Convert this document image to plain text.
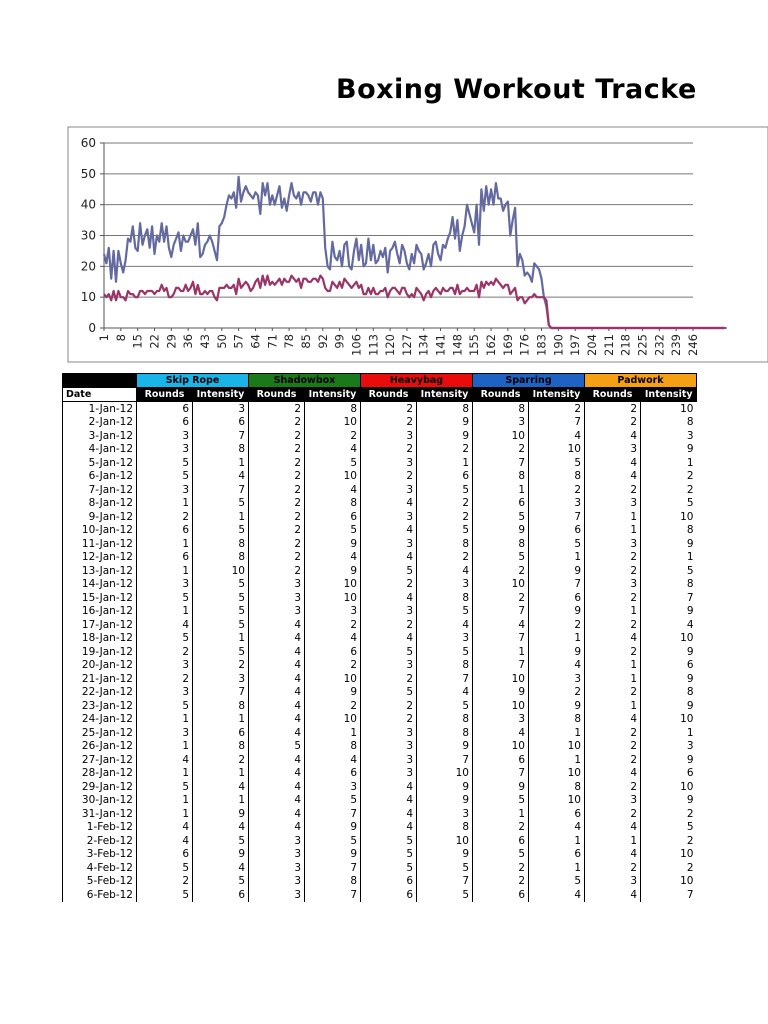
Boxing Workout Tracke
0
10
20
30
40
50
60
1 8 15 22 29 36 43 50 57 64 71 78 85 92 99 106 113 120 127 134 141 148 155 162 169 176 183 190 197 204 211 218 225 232 239 246
	Skip Rope		Shadowbox		Heavybag		Sparring		Padwork	
Date	Rounds	Intensity	Rounds	Intensity	Rounds	Intensity	Rounds	Intensity	Rounds	Intensity
1-Jan-12	6	3	2	8	2	8	8	2	2	10
2-Jan-12	6	6	2	10	2	9	3	7	2	8
3-Jan-12	3	7	2	2	3	9	10	4	4	3
4-Jan-12	3	8	2	4	2	2	2	10	3	9
5-Jan-12	5	1	2	5	3	1	7	5	4	1
6-Jan-12	5	4	2	10	2	6	8	8	4	2
7-Jan-12	3	7	2	4	3	5	1	2	2	2
8-Jan-12	1	5	2	8	4	2	6	3	3	5
9-Jan-12	2	1	2	6	3	2	5	7	1	10
10-Jan-12	6	5	2	5	4	5	9	6	1	8
11-Jan-12	1	8	2	9	3	8	8	5	3	9
12-Jan-12	6	8	2	4	4	2	5	1	2	1
13-Jan-12	1	10	2	9	5	4	2	9	2	5
14-Jan-12	3	5	3	10	2	3	10	7	3	8
15-Jan-12	5	5	3	10	4	8	2	6	2	7
16-Jan-12	1	5	3	3	3	5	7	9	1	9
17-Jan-12	4	5	4	2	2	4	4	2	2	4
18-Jan-12	5	1	4	4	4	3	7	1	4	10
19-Jan-12	2	5	4	6	5	5	1	9	2	9
20-Jan-12	3	2	4	2	3	8	7	4	1	6
21-Jan-12	2	3	4	10	2	7	10	3	1	9
22-Jan-12	3	7	4	9	5	4	9	2	2	8
23-Jan-12	5	8	4	2	2	5	10	9	1	9
24-Jan-12	1	1	4	10	2	8	3	8	4	10
25-Jan-12	3	6	4	1	3	8	4	1	2	1
26-Jan-12	1	8	5	8	3	9	10	10	2	3
27-Jan-12	4	2	4	4	3	7	6	1	2	9
28-Jan-12	1	1	4	6	3	10	7	10	4	6
29-Jan-12	5	4	4	3	4	9	9	8	2	10
30-Jan-12	1	1	4	5	4	9	5	10	3	9
31-Jan-12	1	9	4	7	4	3	1	6	2	2
1-Feb-12	4	4	4	9	4	8	2	4	4	5
2-Feb-12	4	5	3	5	5	10	6	1	1	2
3-Feb-12	6	9	3	9	5	9	5	6	4	10
4-Feb-12	5	4	3	7	5	5	2	1	2	2
5-Feb-12	2	5	3	8	6	7	2	5	3	10
6-Feb-12	5	6	3	7	6	5	6	4	4	7
